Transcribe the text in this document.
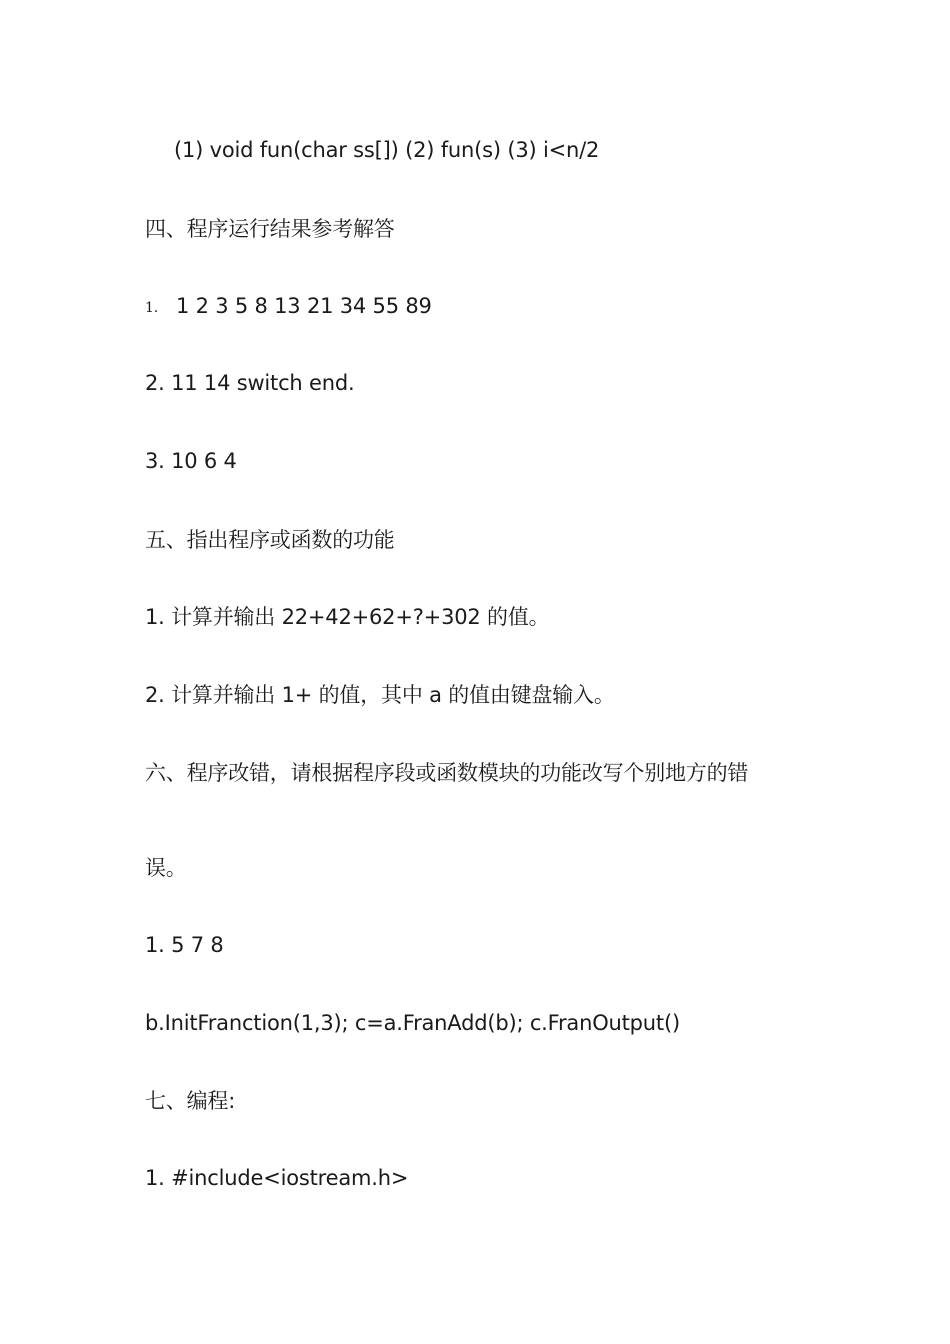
(1) void fun(char ss[]) (2) fun(s) (3) i<n/2
四、程序运行结果参考解答
1. 1 2 3 5 8 13 21 34 55 89
2. 11 14 switch end.
3. 10 6 4
五、指出程序或函数的功能
1. 计算并输出 22+42+62+?+302 的值。
2. 计算并输出 1+ 的值，其中 a 的值由键盘输入。
六、程序改错，请根据程序段或函数模块的功能改写个别地方的错
误。
1. 5 7 8
b.InitFranction(1,3); c=a.FranAdd(b); c.FranOutput()
七、编程:
1. #include<iostream.h>
